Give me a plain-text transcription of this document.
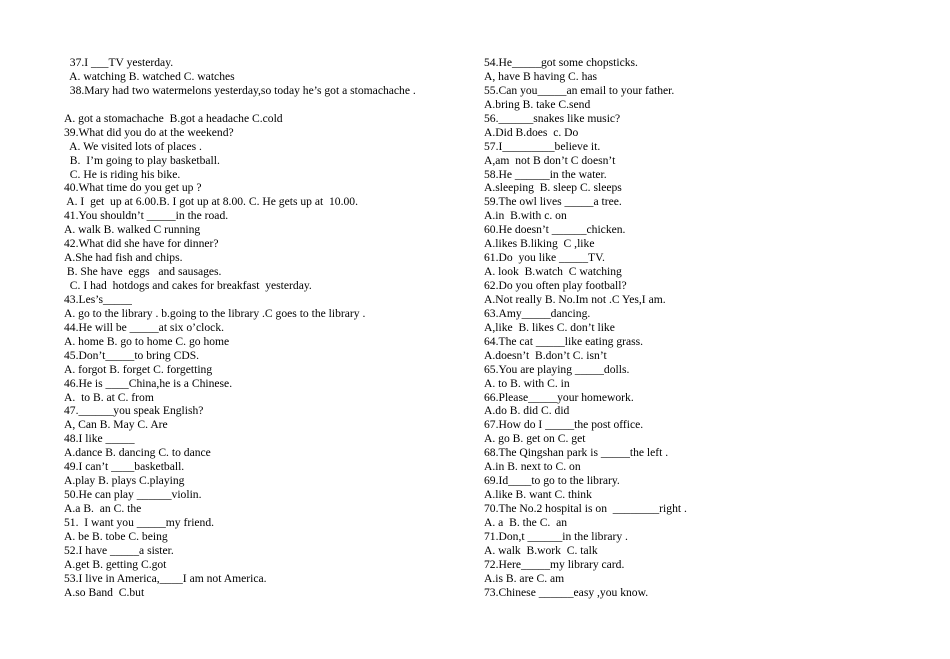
37.I ___TV yesterday.
A. watching B. watched C. watches
38.Mary had two watermelons yesterday,so today he’s got a stomachache .
A. got a stomachache  B.got a headache C.cold
39.What did you do at the weekend?
A. We visited lots of places .
B.  I’m going to play basketball.
C. He is riding his bike.
40.What time do you get up ?
A. I  get  up at 6.00.B. I got up at 8.00. C. He gets up at  10.00.
41.You shouldn’t _____in the road.
A. walk B. walked C running
42.What did she have for dinner?
A.She had fish and chips.
B. She have  eggs   and sausages.
C. I had  hotdogs and cakes for breakfast  yesterday.
43.Les’s_____
A. go to the library . b.going to the library .C goes to the library .
44.He will be _____at six o’clock.
A. home B. go to home C. go home
45.Don’t_____to bring CDS.
A. forgot B. forget C. forgetting
46.He is ____China,he is a Chinese.
A.  to B. at C. from
47.______you speak English?
A, Can B. May C. Are
48.I like _____
A.dance B. dancing C. to dance
49.I can’t ____basketball.
A.play B. plays C.playing
50.He can play ______violin.
A.a B.  an C. the
51.  I want you _____my friend.
A. be B. tobe C. being
52.I have _____a sister.
A.get B. getting C.got
53.I live in America,____I am not America.
A.so Band  C.but
54.He_____got some chopsticks.
A, have B having C. has
55.Can you_____an email to your father.
A.bring B. take C.send
56.______snakes like music?
A.Did B.does  c. Do
57.I_________believe it.
A,am  not B don’t C doesn’t
58.He ______in the water.
A.sleeping  B. sleep C. sleeps
59.The owl lives _____a tree.
A.in  B.with c. on
60.He doesn’t ______chicken.
A.likes B.liking  C ,like
61.Do  you like _____TV.
A. look  B.watch  C watching
62.Do you often play football?
A.Not really B. No.Im not .C Yes,I am.
63.Amy_____dancing.
A,like  B. likes C. don’t like
64.The cat _____like eating grass.
A.doesn’t  B.don’t C. isn’t
65.You are playing _____dolls.
A. to B. with C. in
66.Please_____your homework.
A.do B. did C. did
67.How do I _____the post office.
A. go B. get on C. get
68.The Qingshan park is _____the left .
A.in B. next to C. on
69.Id____to go to the library.
A.like B. want C. think
70.The No.2 hospital is on  ________right .
A. a  B. the C.  an
71.Don,t ______in the library .
A. walk  B.work  C. talk
72.Here_____my library card.
A.is B. are C. am
73.Chinese ______easy ,you know.
